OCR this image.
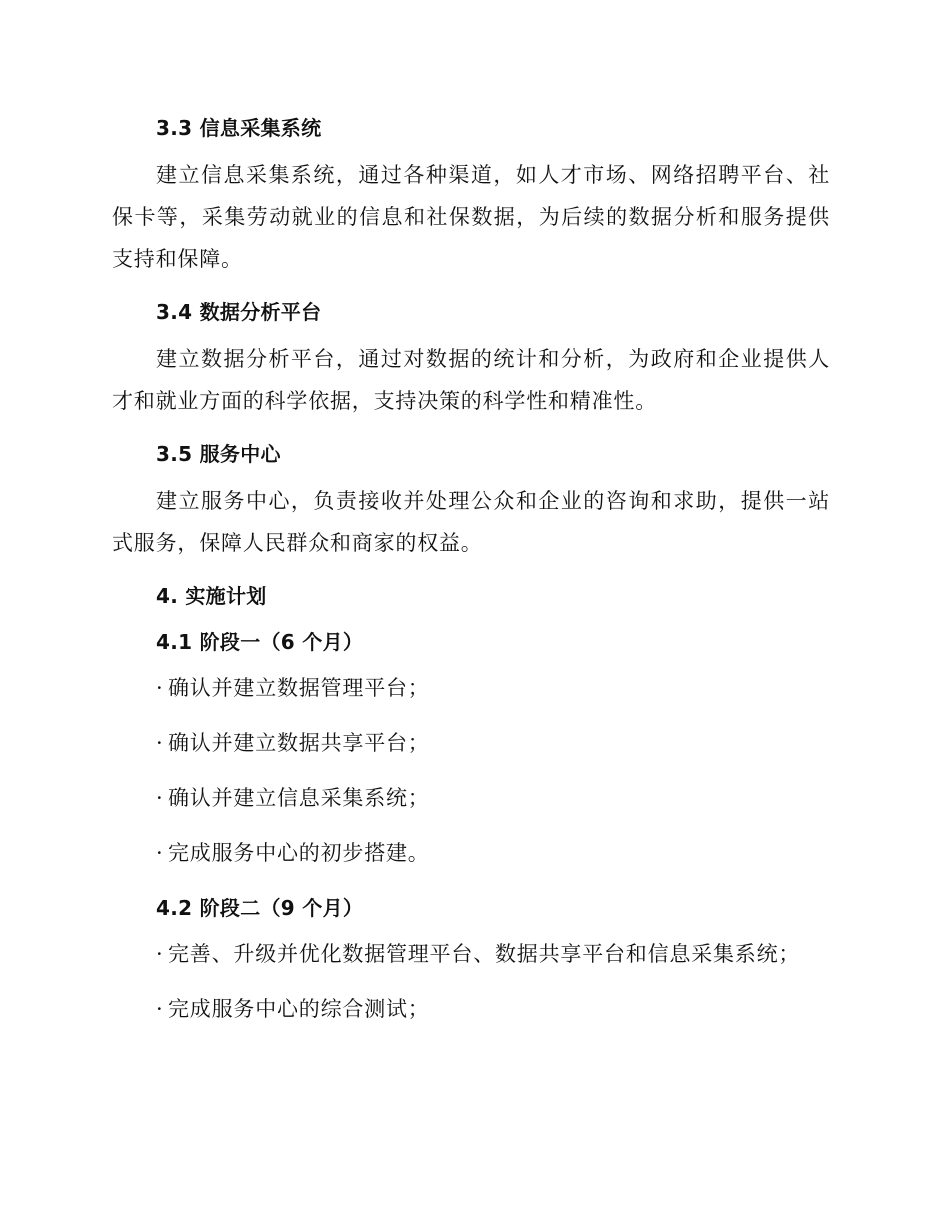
3.3 信息采集系统

建立信息采集系统，通过各种渠道，如人才市场、网络招聘平台、社保卡等，采集劳动就业的信息和社保数据，为后续的数据分析和服务提供支持和保障。

3.4 数据分析平台

建立数据分析平台，通过对数据的统计和分析，为政府和企业提供人才和就业方面的科学依据，支持决策的科学性和精准性。

3.5 服务中心

建立服务中心，负责接收并处理公众和企业的咨询和求助，提供一站式服务，保障人民群众和商家的权益。

4. 实施计划
4.1 阶段一（6 个月）
· 确认并建立数据管理平台；
· 确认并建立数据共享平台；
· 确认并建立信息采集系统；
· 完成服务中心的初步搭建。
4.2 阶段二（9 个月）
· 完善、升级并优化数据管理平台、数据共享平台和信息采集系统；
· 完成服务中心的综合测试；
